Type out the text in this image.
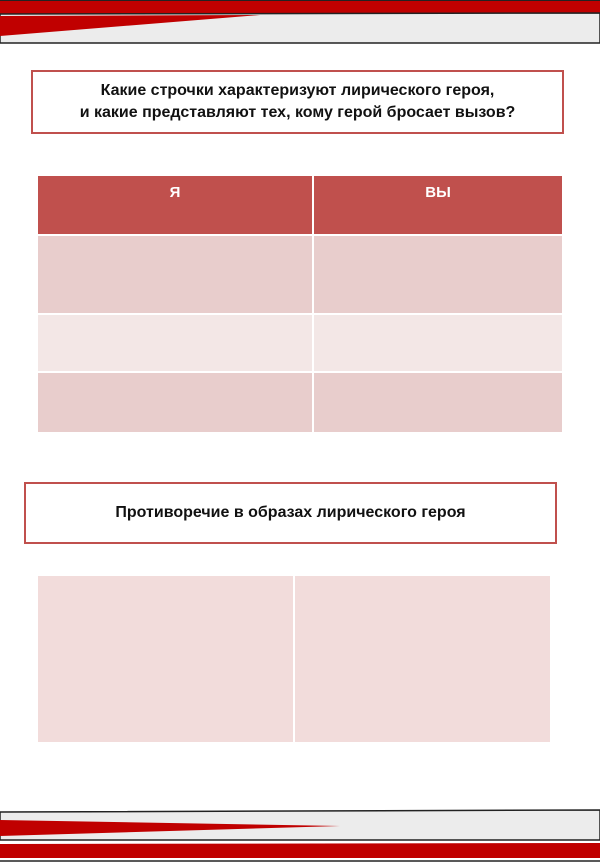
Какие строчки характеризуют лирического героя,
и какие представляют тех, кому герой бросает вызов?
Я	ВЫ
Противоречие в образах лирического героя
